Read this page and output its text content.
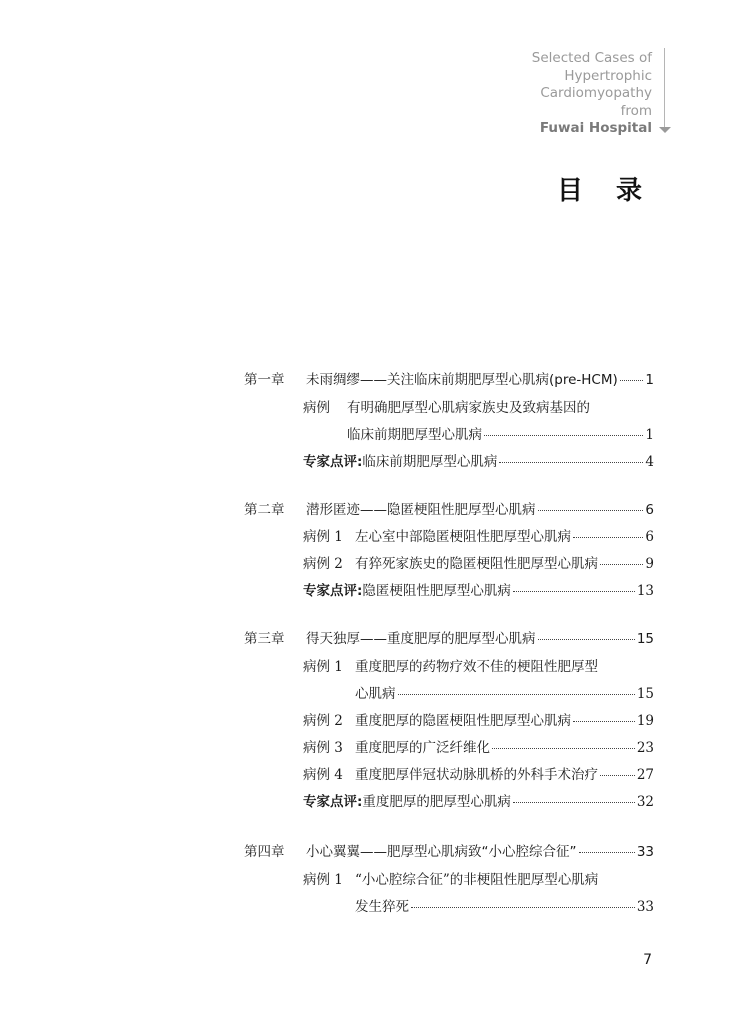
Selected Cases of
Hypertrophic
Cardiomyopathy
from
Fuwai Hospital
目 录
第一章	未雨绸缪——关注临床前期肥厚型心肌病(pre-HCM) 1
病例	有明确肥厚型心肌病家族史及致病基因的
临床前期肥厚型心肌病	1
专家点评: 临床前期肥厚型心肌病	4
第二章	潜形匿迹——隐匿梗阻性肥厚型心肌病	6
病例 1 左心室中部隐匿梗阻性肥厚型心肌病	6
病例 2 有猝死家族史的隐匿梗阻性肥厚型心肌病	9
专家点评: 隐匿梗阻性肥厚型心肌病	13
第三章	得天独厚——重度肥厚的肥厚型心肌病	15
病例 1 重度肥厚的药物疗效不佳的梗阻性肥厚型
心肌病	15
病例 2 重度肥厚的隐匿梗阻性肥厚型心肌病	19
病例 3 重度肥厚的广泛纤维化	23
病例 4 重度肥厚伴冠状动脉肌桥的外科手术治疗	27
专家点评: 重度肥厚的肥厚型心肌病	32
第四章	小心翼翼——肥厚型心肌病致“小心腔综合征”	33
病例 1 “小心腔综合征”的非梗阻性肥厚型心肌病
发生猝死	33
7
